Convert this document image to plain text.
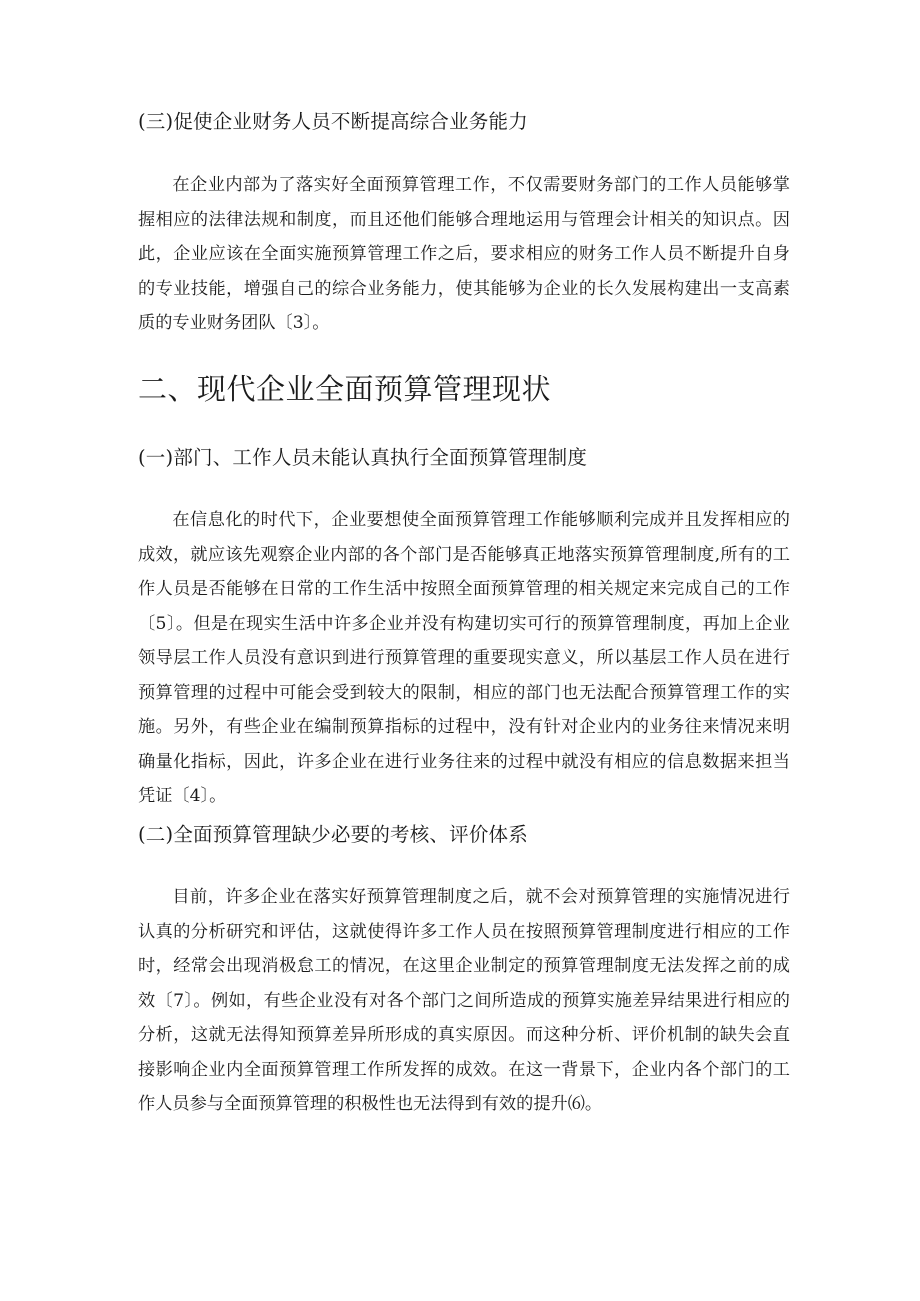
(三)促使企业财务人员不断提高综合业务能力

在企业内部为了落实好全面预算管理工作，不仅需要财务部门的工作人员能够掌握相应的法律法规和制度，而且还他们能够合理地运用与管理会计相关的知识点。因此，企业应该在全面实施预算管理工作之后，要求相应的财务工作人员不断提升自身的专业技能，增强自己的综合业务能力，使其能够为企业的长久发展构建出一支高素质的专业财务团队〔3〕。

二、现代企业全面预算管理现状

(一)部门、工作人员未能认真执行全面预算管理制度

在信息化的时代下，企业要想使全面预算管理工作能够顺利完成并且发挥相应的成效，就应该先观察企业内部的各个部门是否能够真正地落实预算管理制度,所有的工作人员是否能够在日常的工作生活中按照全面预算管理的相关规定来完成自己的工作〔5〕。但是在现实生活中许多企业并没有构建切实可行的预算管理制度，再加上企业领导层工作人员没有意识到进行预算管理的重要现实意义，所以基层工作人员在进行预算管理的过程中可能会受到较大的限制，相应的部门也无法配合预算管理工作的实施。另外，有些企业在编制预算指标的过程中，没有针对企业内的业务往来情况来明确量化指标，因此，许多企业在进行业务往来的过程中就没有相应的信息数据来担当凭证〔4〕。

(二)全面预算管理缺少必要的考核、评价体系

目前，许多企业在落实好预算管理制度之后，就不会对预算管理的实施情况进行认真的分析研究和评估，这就使得许多工作人员在按照预算管理制度进行相应的工作时，经常会出现消极怠工的情况，在这里企业制定的预算管理制度无法发挥之前的成效〔7〕。例如，有些企业没有对各个部门之间所造成的预算实施差异结果进行相应的分析，这就无法得知预算差异所形成的真实原因。而这种分析、评价机制的缺失会直接影响企业内全面预算管理工作所发挥的成效。在这一背景下，企业内各个部门的工作人员参与全面预算管理的积极性也无法得到有效的提升⑹。
